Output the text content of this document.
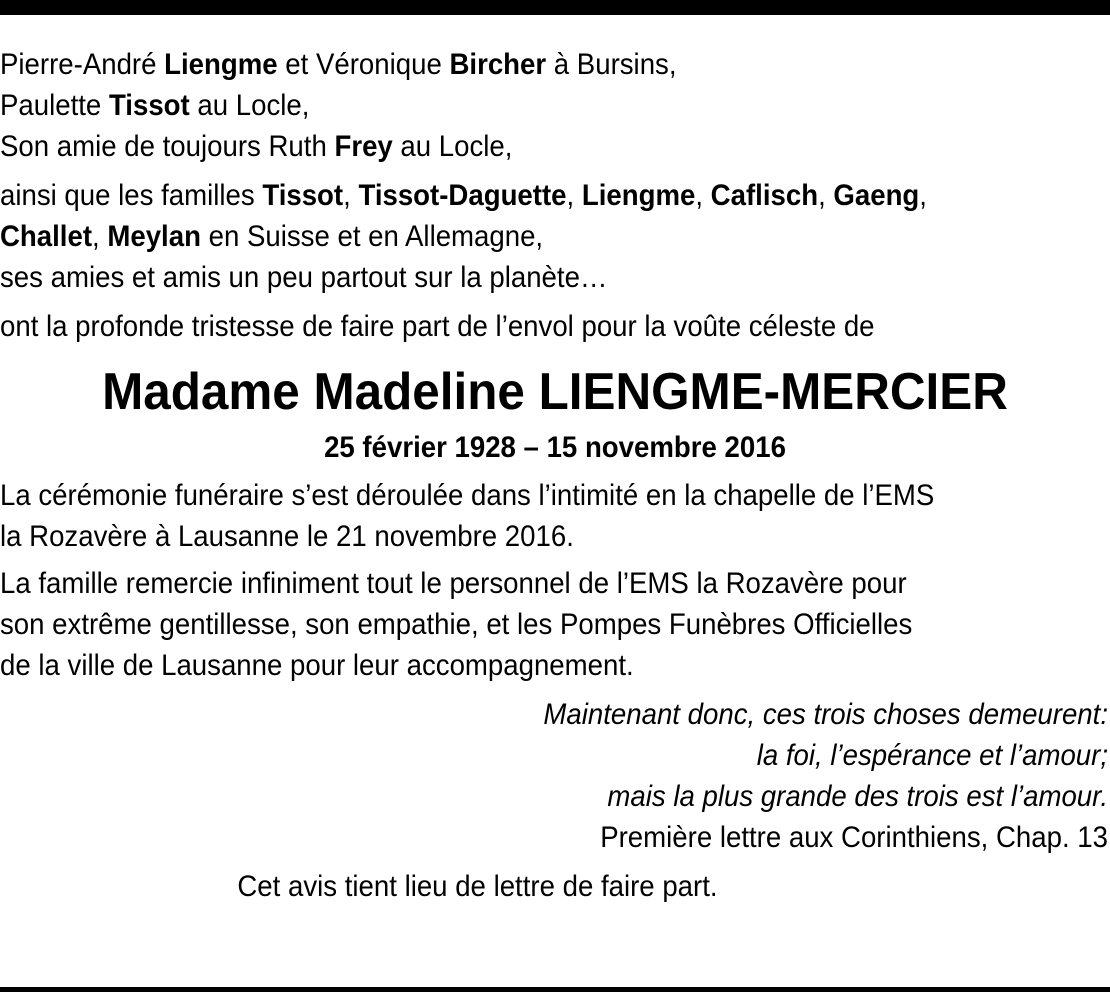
Pierre-André Liengme et Véronique Bircher à Bursins,
Paulette Tissot au Locle,
Son amie de toujours Ruth Frey au Locle,
ainsi que les familles Tissot, Tissot-Daguette, Liengme, Caflisch, Gaeng,
Challet, Meylan en Suisse et en Allemagne,
ses amies et amis un peu partout sur la planète…
ont la profonde tristesse de faire part de l’envol pour la voûte céleste de
Madame Madeline LIENGME-MERCIER
25 février 1928 – 15 novembre 2016
La cérémonie funéraire s’est déroulée dans l’intimité en la chapelle de l’EMS
la Rozavère à Lausanne le 21 novembre 2016.
La famille remercie infiniment tout le personnel de l’EMS la Rozavère pour
son extrême gentillesse, son empathie, et les Pompes Funèbres Officielles
de la ville de Lausanne pour leur accompagnement.
Maintenant donc, ces trois choses demeurent:
la foi, l’espérance et l’amour;
mais la plus grande des trois est l’amour.
Première lettre aux Corinthiens, Chap. 13
Cet avis tient lieu de lettre de faire part.
